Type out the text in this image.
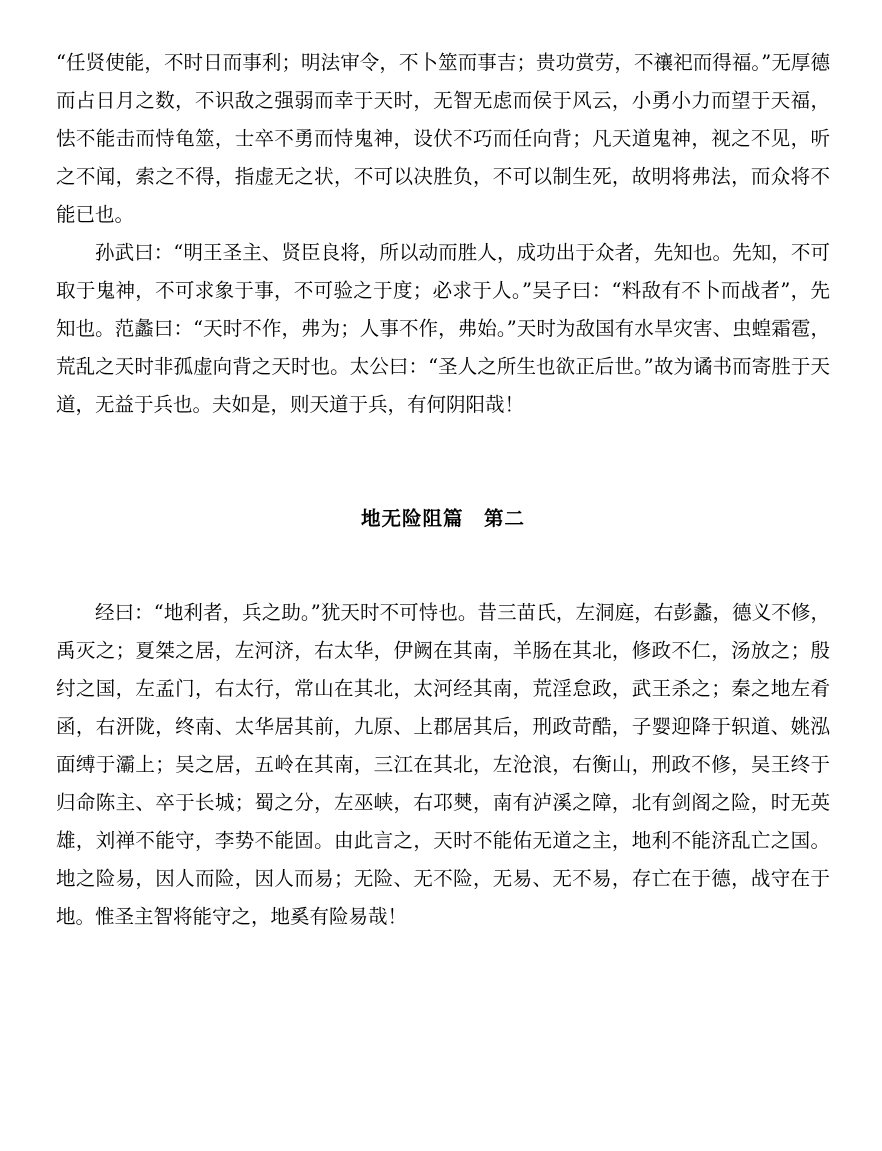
“任贤使能，不时日而事利；明法审令，不卜筮而事吉；贵功赏劳，不禳祀而得福。”无厚德而占日月之数，不识敌之强弱而幸于天时，无智无虑而侯于风云，小勇小力而望于天福，怯不能击而恃龟筮，士卒不勇而恃鬼神，设伏不巧而任向背；凡天道鬼神，视之不见，听之不闻，索之不得，指虚无之状，不可以决胜负，不可以制生死，故明将弗法，而众将不能已也。

孙武曰：“明王圣主、贤臣良将，所以动而胜人，成功出于众者，先知也。先知，不可取于鬼神，不可求象于事，不可验之于度；必求于人。”吴子曰：“料敌有不卜而战者”，先知也。范蠡曰：“天时不作，弗为；人事不作，弗始。”天时为敌国有水旱灾害、虫蝗霜雹，荒乱之天时非孤虚向背之天时也。太公曰：“圣人之所生也欲正后世。”故为谲书而寄胜于天道，无益于兵也。夫如是，则天道于兵，有何阴阳哉！

地无险阻篇　第二

经曰：“地利者，兵之助。”犹天时不可恃也。昔三苗氏，左洞庭，右彭蠡，德义不修，禹灭之；夏桀之居，左河济，右太华，伊阙在其南，羊肠在其北，修政不仁，汤放之；殷纣之国，左孟门，右太行，常山在其北，太河经其南，荒淫怠政，武王杀之；秦之地左肴函，右汧陇，终南、太华居其前，九原、上郡居其后，刑政苛酷，子婴迎降于轵道、姚泓面缚于灞上；吴之居，五岭在其南，三江在其北，左沧浪，右衡山，刑政不修，吴王终于归命陈主、卒于长城；蜀之分，左巫峡，右邛僰，南有泸溪之障，北有剑阁之险，时无英雄，刘禅不能守，李势不能固。由此言之，天时不能佑无道之主，地利不能济乱亡之国。地之险易，因人而险，因人而易；无险、无不险，无易、无不易，存亡在于德，战守在于地。惟圣主智将能守之，地奚有险易哉！
